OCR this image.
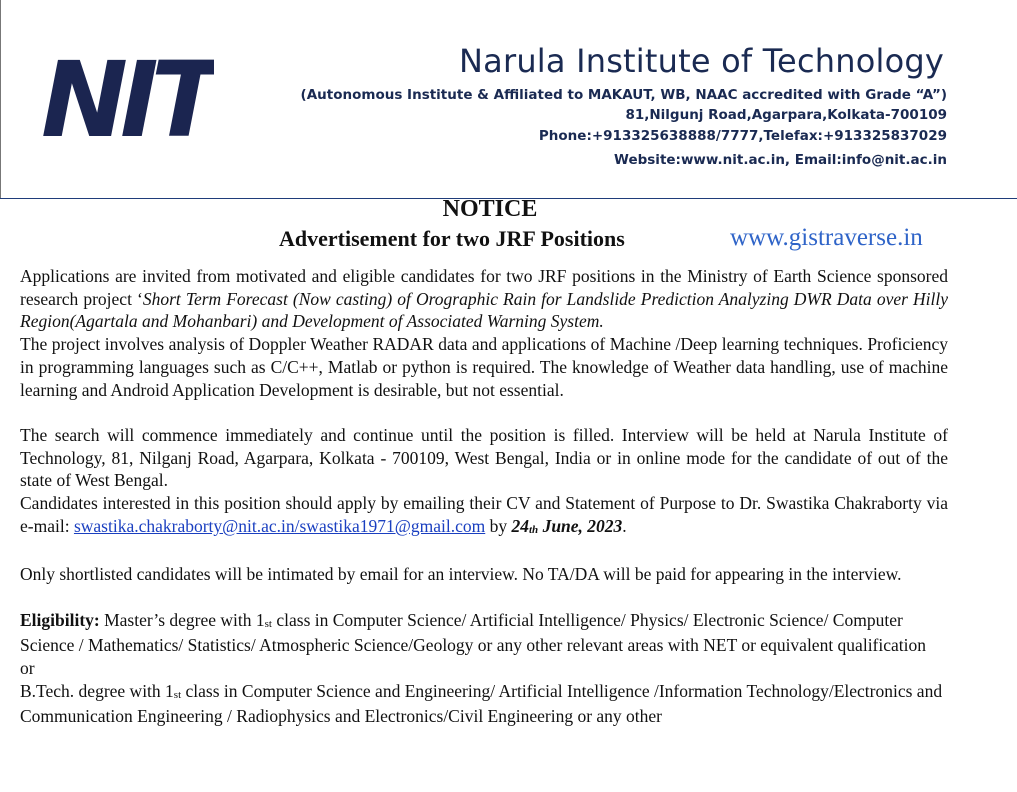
NIT	Narula Institute of Technology
(Autonomous Institute & Affiliated to MAKAUT, WB, NAAC accredited with Grade “A”)
81,Nilgunj Road,Agarpara,Kolkata-700109
Phone:+913325638888/7777,Telefax:+913325837029
Website:www.nit.ac.in, Email:info@nit.ac.in
NOTICE
Advertisement for two JRF Positions	www.gistraverse.in

Applications are invited from motivated and eligible candidates for two JRF positions in the Ministry of Earth Science sponsored research project ‘Short Term Forecast (Now casting) of Orographic Rain for Landslide Prediction Analyzing DWR Data over Hilly Region(Agartala and Mohanbari) and Development of Associated Warning System.

The project involves analysis of Doppler Weather RADAR data and applications of Machine /Deep learning techniques. Proficiency in programming languages such as C/C++, Matlab or python is required. The knowledge of Weather data handling, use of machine learning and Android Application Development is desirable, but not essential.

The search will commence immediately and continue until the position is filled. Interview will be held at Narula Institute of Technology, 81, Nilganj Road, Agarpara, Kolkata - 700109, West Bengal, India or in online mode for the candidate of out of the state of West Bengal.

Candidates interested in this position should apply by emailing their CV and Statement of Purpose to Dr. Swastika Chakraborty via e-mail: swastika.chakraborty@nit.ac.in/swastika1971@gmail.com by $24_{th}$ June, 2023.

Only shortlisted candidates will be intimated by email for an interview. No TA/DA will be paid for appearing in the interview.

Eligibility: Master’s degree with $1_{st}$ class in Computer Science/ Artificial Intelligence/ Physics/ Electronic Science/ Computer Science / Mathematics/ Statistics/ Atmospheric Science/Geology or any other relevant areas with NET or equivalent qualification

or

B.Tech. degree with $1_{st}$ class in Computer Science and Engineering/ Artificial Intelligence /Information Technology/Electronics and Communication Engineering / Radiophysics and Electronics/Civil Engineering or any other
